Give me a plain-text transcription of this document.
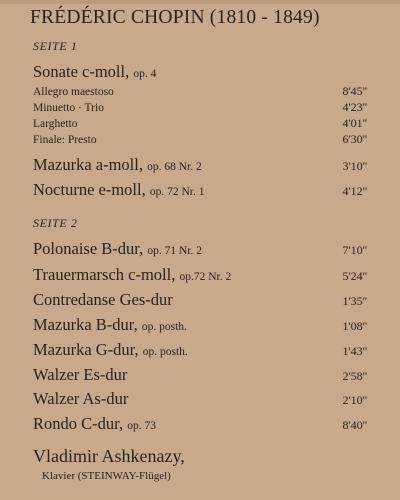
FRÉDÉRIC CHOPIN (1810 - 1849)
SEITE 1
Sonate c-moll, op. 4
Allegro maestoso	8'45''
Minuetto · Trio	4'23''
Larghetto	4'01''
Finale: Presto	6'30''
Mazurka a-moll, op. 68 Nr. 2	3'10''
Nocturne e-moll, op. 72 Nr. 1	4'12''
SEITE 2
Polonaise B-dur, op. 71 Nr. 2	7'10''
Trauermarsch c-moll, op.72 Nr. 2	5'24''
Contredanse Ges-dur	1'35''
Mazurka B-dur, op. posth.	1'08''
Mazurka G-dur, op. posth.	1'43''
Walzer Es-dur	2'58''
Walzer As-dur	2'10''
Rondo C-dur, op. 73	8'40''
Vladimir Ashkenazy,
Klavier (STEINWAY-Flügel)
